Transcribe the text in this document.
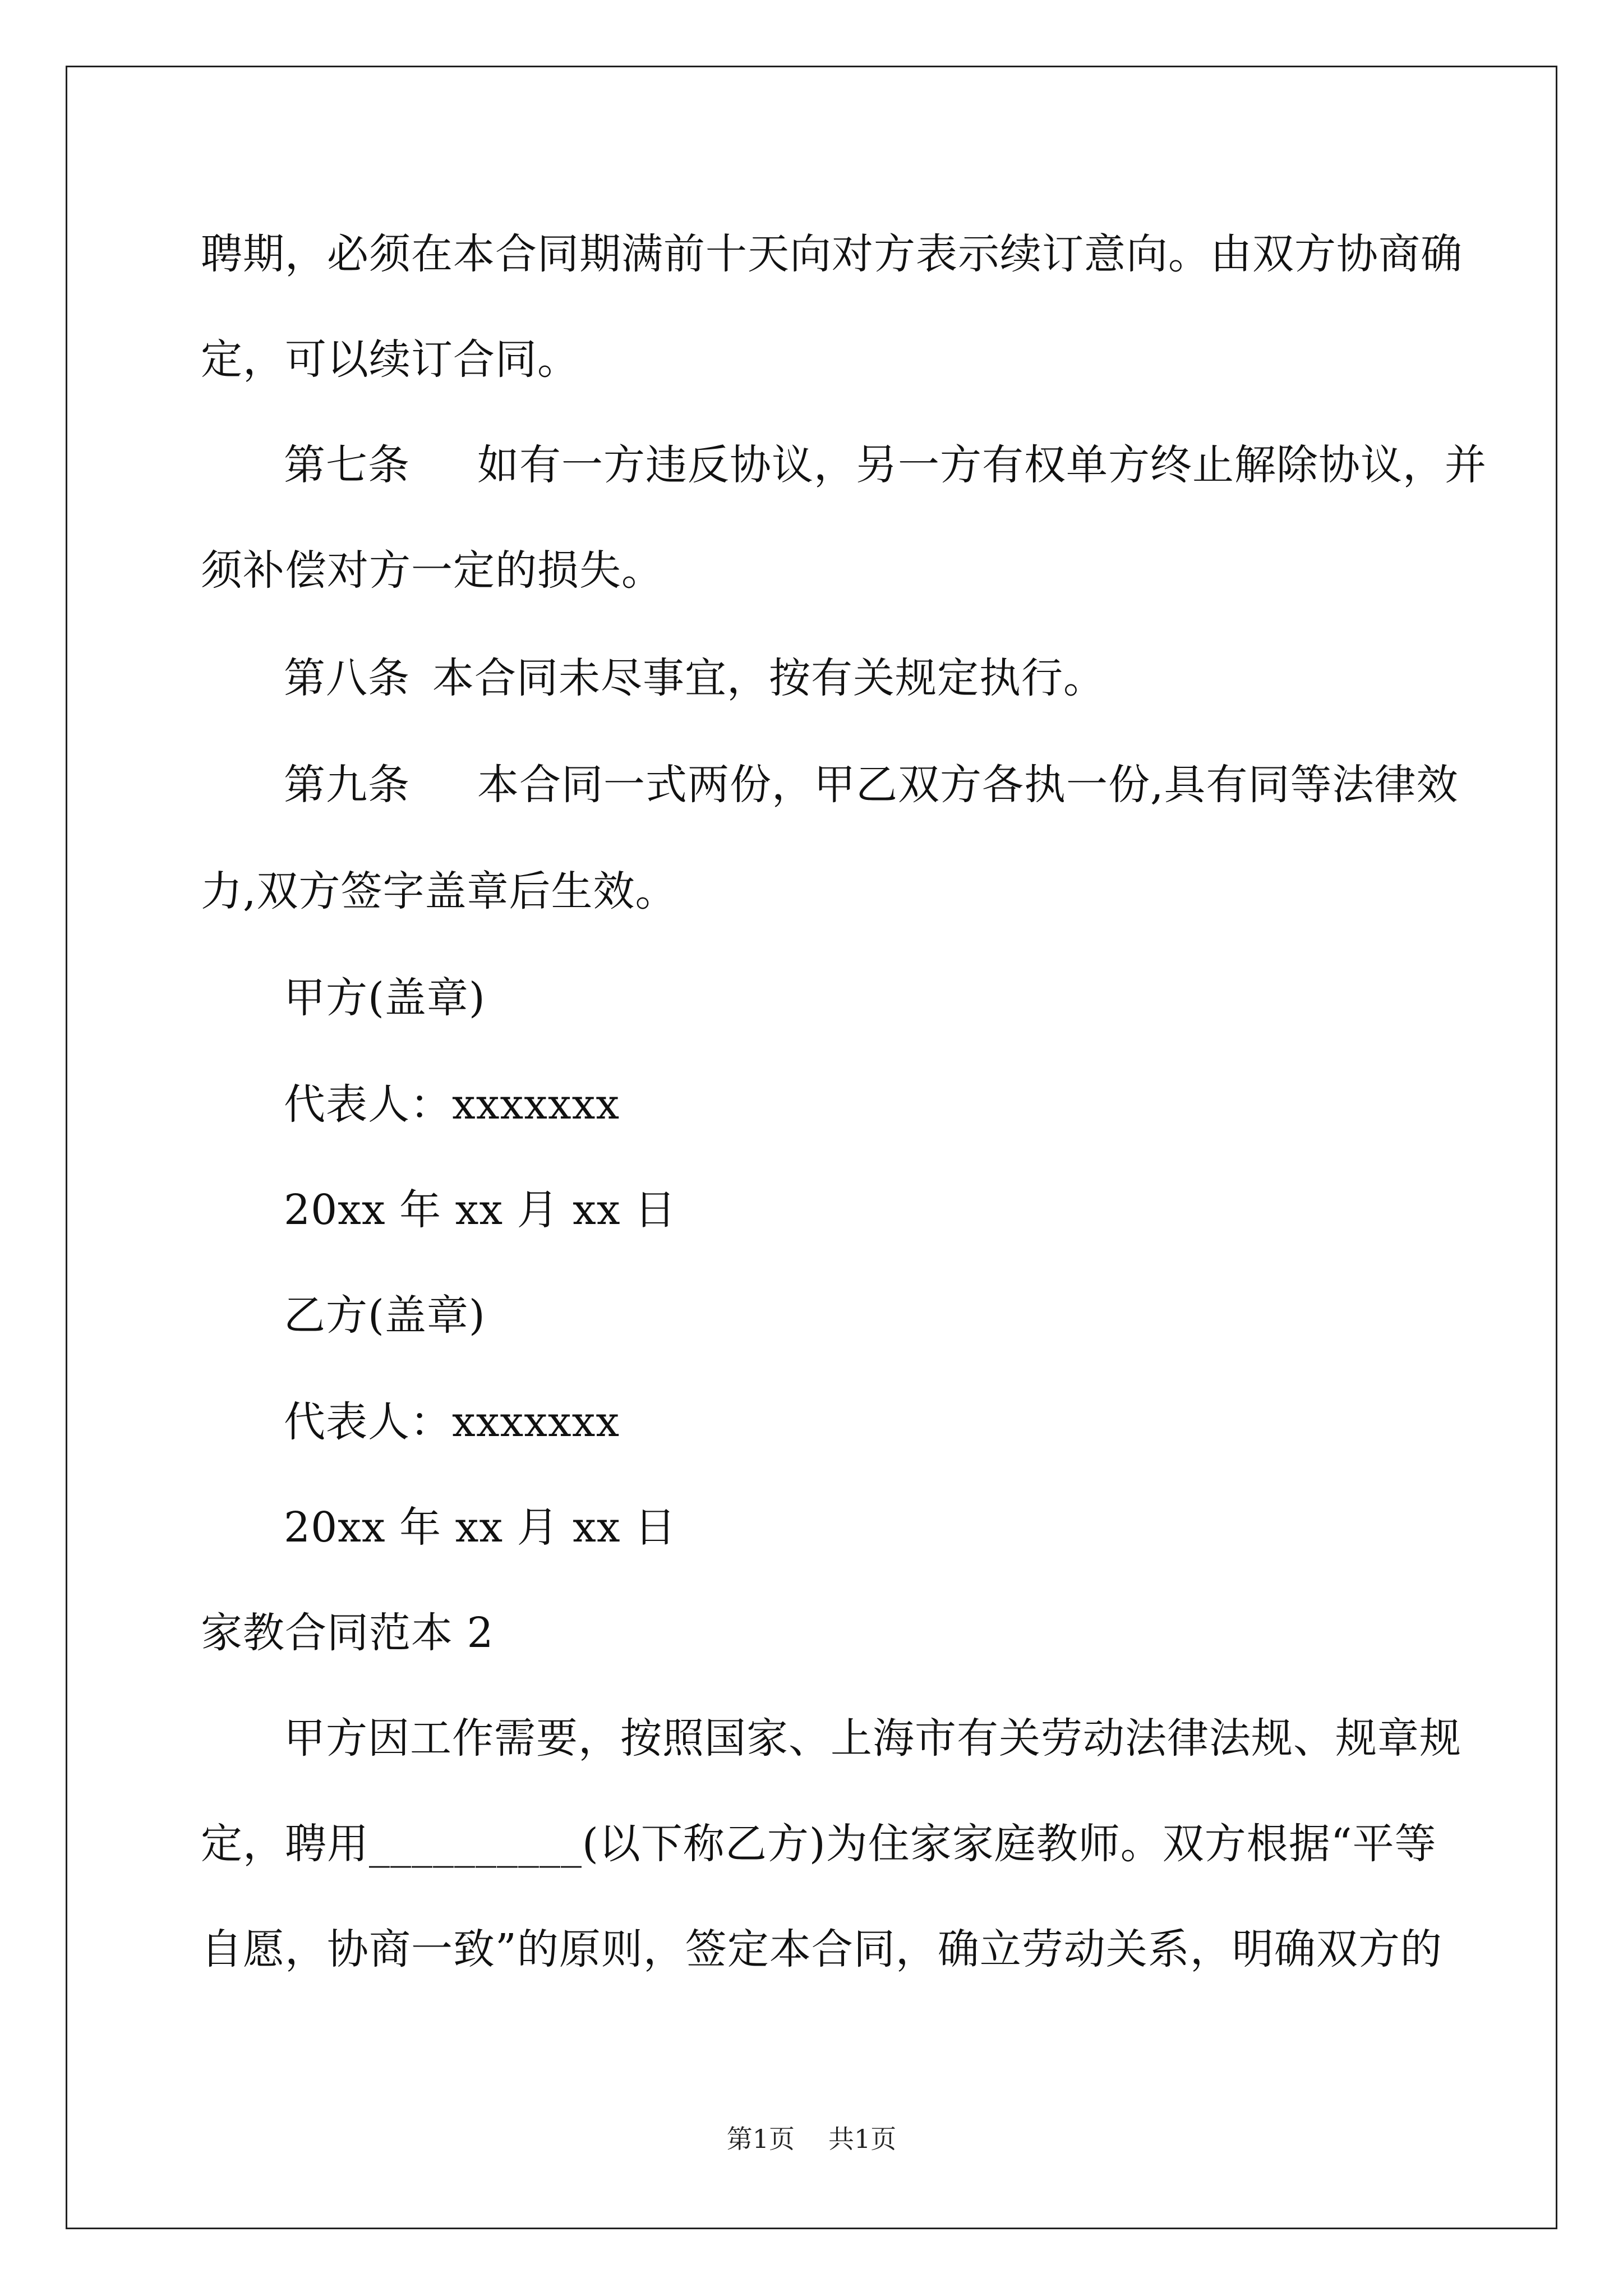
聘期，必须在本合同期满前十天向对方表示续订意向。由双方协商确
定，可以续订合同。
第七条 如有一方违反协议，另一方有权单方终止解除协议，并
须补偿对方一定的损失。
第八条 本合同未尽事宜，按有关规定执行。
第九条 本合同一式两份，甲乙双方各执一份,具有同等法律效
力,双方签字盖章后生效。
甲方(盖章)
代表人：xxxxxxx
20xx 年 xx 月 xx 日
乙方(盖章)
代表人：xxxxxxx
20xx 年 xx 月 xx 日
家教合同范本 2
甲方因工作需要，按照国家、上海市有关劳动法律法规、规章规
定，聘用__________(以下称乙方)为住家家庭教师。双方根据“平等
自愿，协商一致”的原则，签定本合同，确立劳动关系，明确双方的
第1页 共1页
